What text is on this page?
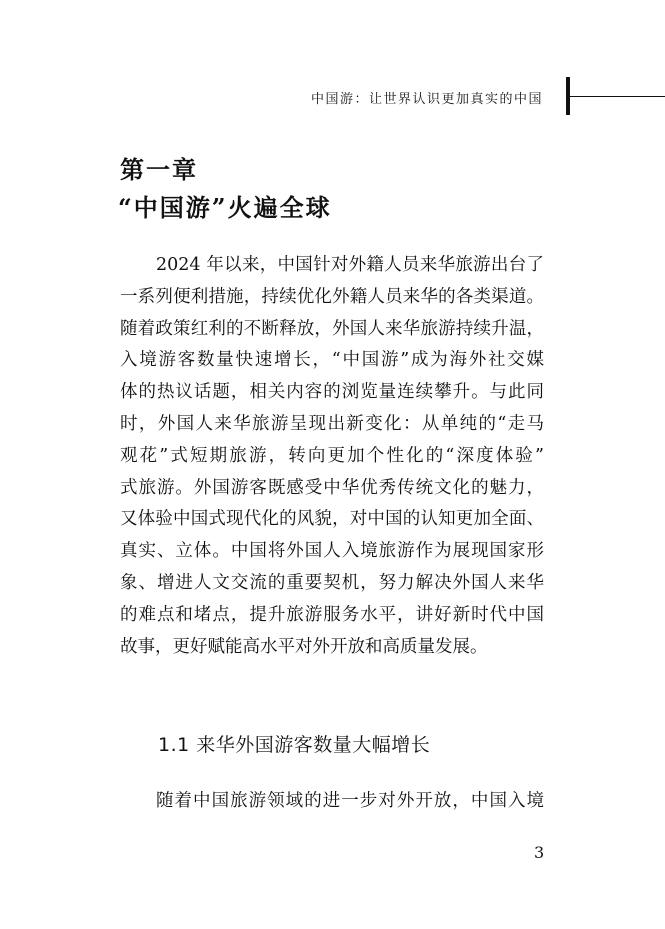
中国游：让世界认识更加真实的中国
第一章
“中国游”火遍全球
2024 年以来，中国针对外籍人员来华旅游出台了
一系列便利措施，持续优化外籍人员来华的各类渠道。
随着政策红利的不断释放，外国人来华旅游持续升温，
入境游客数量快速增长，“中国游”成为海外社交媒
体的热议话题，相关内容的浏览量连续攀升。与此同
时，外国人来华旅游呈现出新变化：从单纯的“走马
观花”式短期旅游，转向更加个性化的“深度体验”
式旅游。外国游客既感受中华优秀传统文化的魅力，
又体验中国式现代化的风貌，对中国的认知更加全面、
真实、立体。中国将外国人入境旅游作为展现国家形
象、增进人文交流的重要契机，努力解决外国人来华
的难点和堵点，提升旅游服务水平，讲好新时代中国
故事，更好赋能高水平对外开放和高质量发展。
1.1 来华外国游客数量大幅增长
随着中国旅游领域的进一步对外开放，中国入境
3
